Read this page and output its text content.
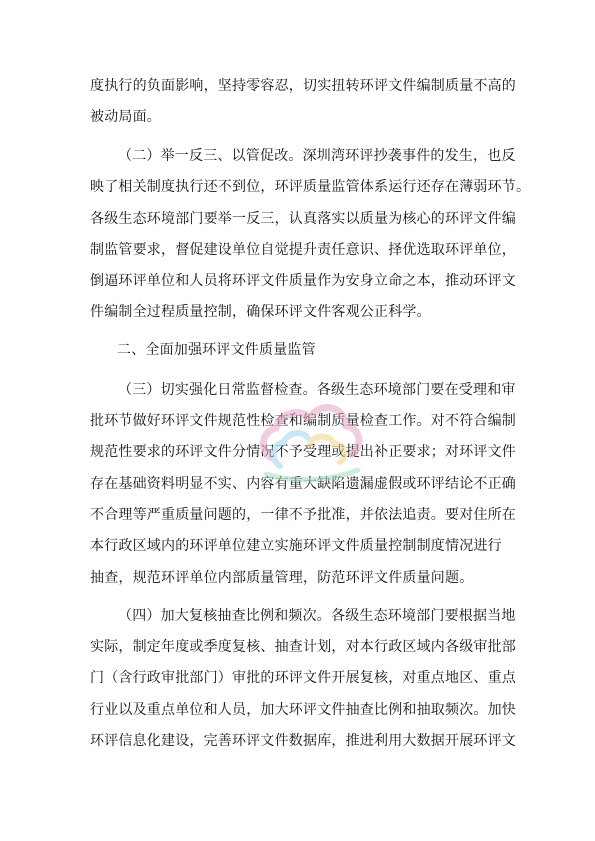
度执行的负面影响，坚持零容忍，切实扭转环评文件编制质量不高的
被动局面。
（二）举一反三、以管促改。深圳湾环评抄袭事件的发生，也反
映了相关制度执行还不到位，环评质量监管体系运行还存在薄弱环节。
各级生态环境部门要举一反三，认真落实以质量为核心的环评文件编
制监管要求，督促建设单位自觉提升责任意识、择优选取环评单位，
倒逼环评单位和人员将环评文件质量作为安身立命之本，推动环评文
件编制全过程质量控制，确保环评文件客观公正科学。
二、全面加强环评文件质量监管
（三）切实强化日常监督检查。各级生态环境部门要在受理和审
批环节做好环评文件规范性检查和编制质量检查工作。对不符合编制
规范性要求的环评文件分情况不予受理或提出补正要求；对环评文件
存在基础资料明显不实、内容有重大缺陷遗漏虚假或环评结论不正确
不合理等严重质量问题的，一律不予批准，并依法追责。要对住所在
本行政区域内的环评单位建立实施环评文件质量控制制度情况进行
抽查，规范环评单位内部质量管理，防范环评文件质量问题。
（四）加大复核抽查比例和频次。各级生态环境部门要根据当地
实际，制定年度或季度复核、抽查计划，对本行政区域内各级审批部
门（含行政审批部门）审批的环评文件开展复核，对重点地区、重点
行业以及重点单位和人员，加大环评文件抽查比例和抽取频次。加快
环评信息化建设，完善环评文件数据库，推进利用大数据开展环评文
